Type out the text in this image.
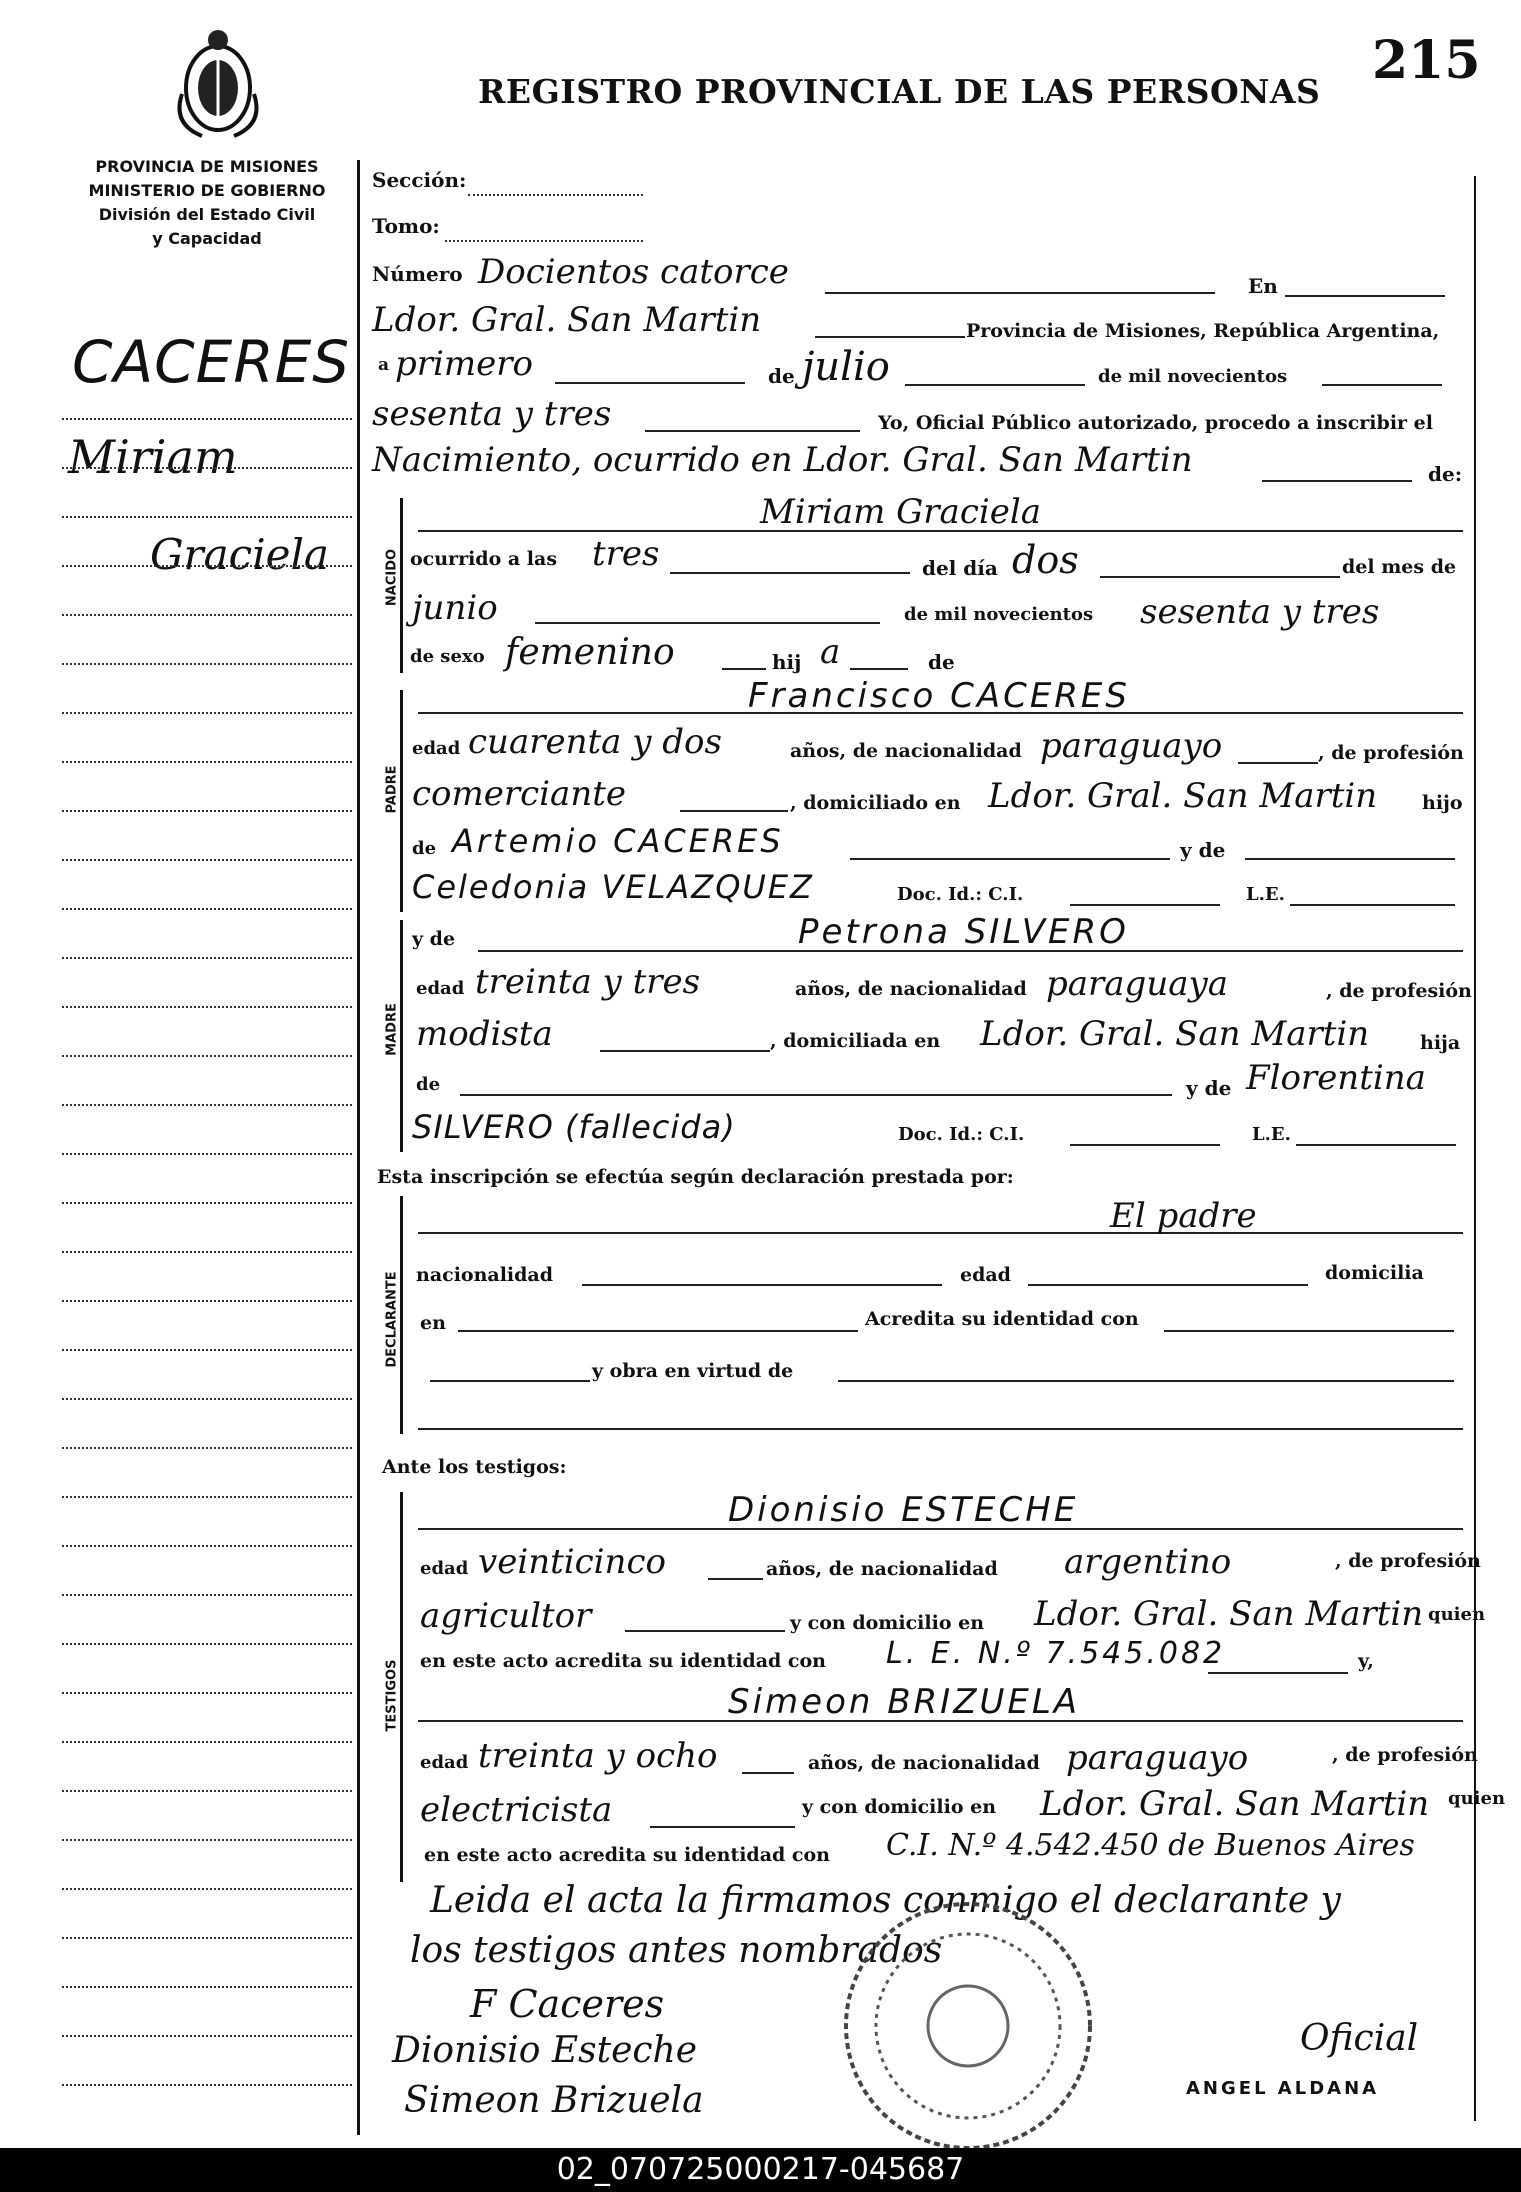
REGISTRO PROVINCIAL DE LAS PERSONAS
215
PROVINCIA DE MISIONES
MINISTERIO DE GOBIERNO
División del Estado Civil
y Capacidad
CACERES
Miriam
Graciela
Sección:
Tomo:
Número Docientos catorce	En
Ldor. Gral. San Martin	Provincia de Misiones, República Argentina,
a primero	de julio	de mil novecientos
sesenta y tres	Yo, Oficial Público autorizado, procedo a inscribir el
Nacimiento, ocurrido en Ldor. Gral. San Martin	de:
NACIDO
Miriam Graciela
ocurrido a las tres	del día dos	del mes de
junio	de mil novecientos sesenta y tres
de sexo femenino	hij a	de
PADRE
Francisco CACERES
edad cuarenta y dos	años, de nacionalidad paraguayo	, de profesión
comerciante	, domiciliado en Ldor. Gral. San Martin hijo
de Artemio CACERES	y de
Celedonia VELAZQUEZ	Doc. Id.: C.I.	L.E.
MADRE
y de	Petrona SILVERO
edad treinta y tres	años, de nacionalidad paraguaya	, de profesión
modista	, domiciliada en Ldor. Gral. San Martin	hija
de	y de Florentina
SILVERO (fallecida)	Doc. Id.: C.I.	L.E.
Esta inscripción se efectúa según declaración prestada por:
DECLARANTE
El padre
nacionalidad	edad	domicilia
en	Acredita su identidad con
y obra en virtud de
Ante los testigos:
TESTIGOS
Dionisio ESTECHE
edad veinticinco	años, de nacionalidad argentino	, de profesión
agricultor	y con domicilio en Ldor. Gral. San Martin quien
en este acto acredita su identidad con L. E. N.º 7.545.082	y,
Simeon BRIZUELA
edad treinta y ocho	años, de nacionalidad paraguayo	, de profesión
electricista	y con domicilio en Ldor. Gral. San Martin quien
en este acto acredita su identidad con C.I. N.º 4.542.450 de Buenos Aires
Leida el acta la firmamos conmigo el declarante y
los testigos antes nombrados
F Caceres
Dionisio Esteche
Simeon Brizuela
Oficial
ANGEL ALDANA
02_070725000217-045687
